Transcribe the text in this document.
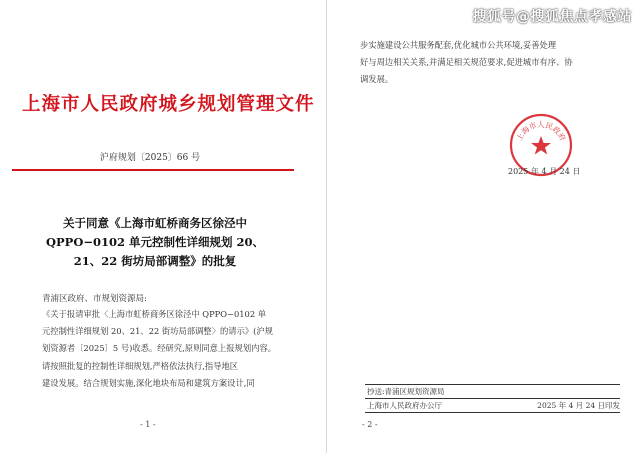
上海市人民政府城乡规划管理文件
沪府规划〔2025〕66 号
关于同意《上海市虹桥商务区徐泾中
QPPO−0102 单元控制性详细规划 20、
21、22 街坊局部调整》的批复
青浦区政府、市规划资源局:
《关于报请审批〈上海市虹桥商务区徐泾中 QPPO−0102 单
元控制性详细规划 20、21、22 街坊局部调整〉的请示》(沪规
划资源者〔2025〕5 号)收悉。经研究,原则同意上报规划内容。
请按照批复的控制性详细规划,严格依法执行,指导地区
建设发展。结合规划实施,深化地块布局和建筑方案设计,同
- 1 -
步实施建设公共服务配套,优化城市公共环境,妥善处理
好与周边相关关系,并满足相关规范要求,促进城市有序、协
调发展。
上海市人民政府
2025 年 4 月 24 日
抄送:青浦区规划资源局
上海市人民政府办公厅	2025 年 4 月 24 日印发
- 2 -
搜狐号@搜狐焦点孝感站
